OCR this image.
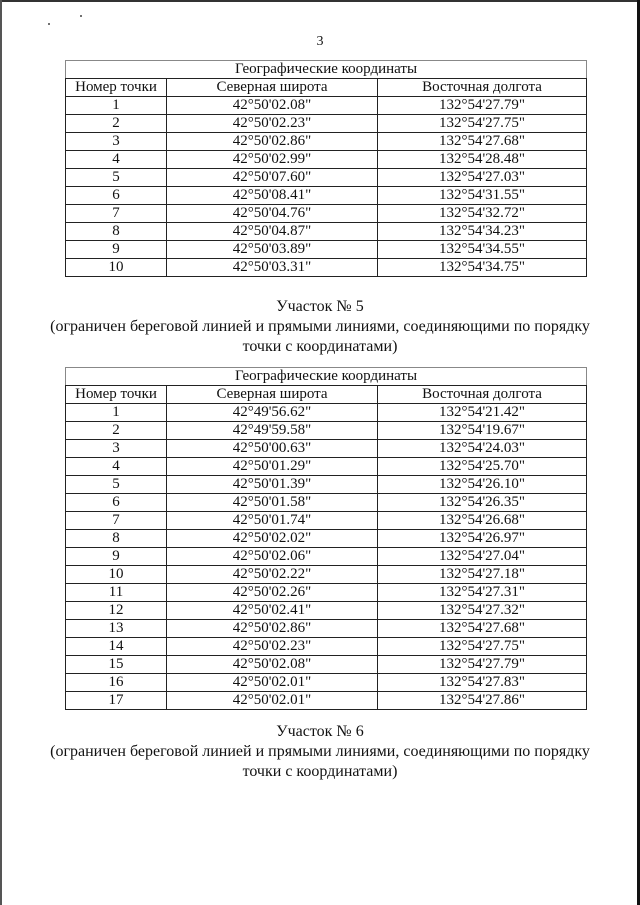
3
Географические координаты		
Номер точки	Северная широта	Восточная долгота
1	42°50'02.08"	132°54'27.79"
2	42°50'02.23"	132°54'27.75"
3	42°50'02.86"	132°54'27.68"
4	42°50'02.99"	132°54'28.48"
5	42°50'07.60"	132°54'27.03"
6	42°50'08.41"	132°54'31.55"
7	42°50'04.76"	132°54'32.72"
8	42°50'04.87"	132°54'34.23"
9	42°50'03.89"	132°54'34.55"
10	42°50'03.31"	132°54'34.75"
Участок № 5
(ограничен береговой линией и прямыми линиями, соединяющими по порядку
точки с координатами)
Географические координаты		
Номер точки	Северная широта	Восточная долгота
1	42°49'56.62"	132°54'21.42"
2	42°49'59.58"	132°54'19.67"
3	42°50'00.63"	132°54'24.03"
4	42°50'01.29"	132°54'25.70"
5	42°50'01.39"	132°54'26.10"
6	42°50'01.58"	132°54'26.35"
7	42°50'01.74"	132°54'26.68"
8	42°50'02.02"	132°54'26.97"
9	42°50'02.06"	132°54'27.04"
10	42°50'02.22"	132°54'27.18"
11	42°50'02.26"	132°54'27.31"
12	42°50'02.41"	132°54'27.32"
13	42°50'02.86"	132°54'27.68"
14	42°50'02.23"	132°54'27.75"
15	42°50'02.08"	132°54'27.79"
16	42°50'02.01"	132°54'27.83"
17	42°50'02.01"	132°54'27.86"
Участок № 6
(ограничен береговой линией и прямыми линиями, соединяющими по порядку
точки с координатами)
